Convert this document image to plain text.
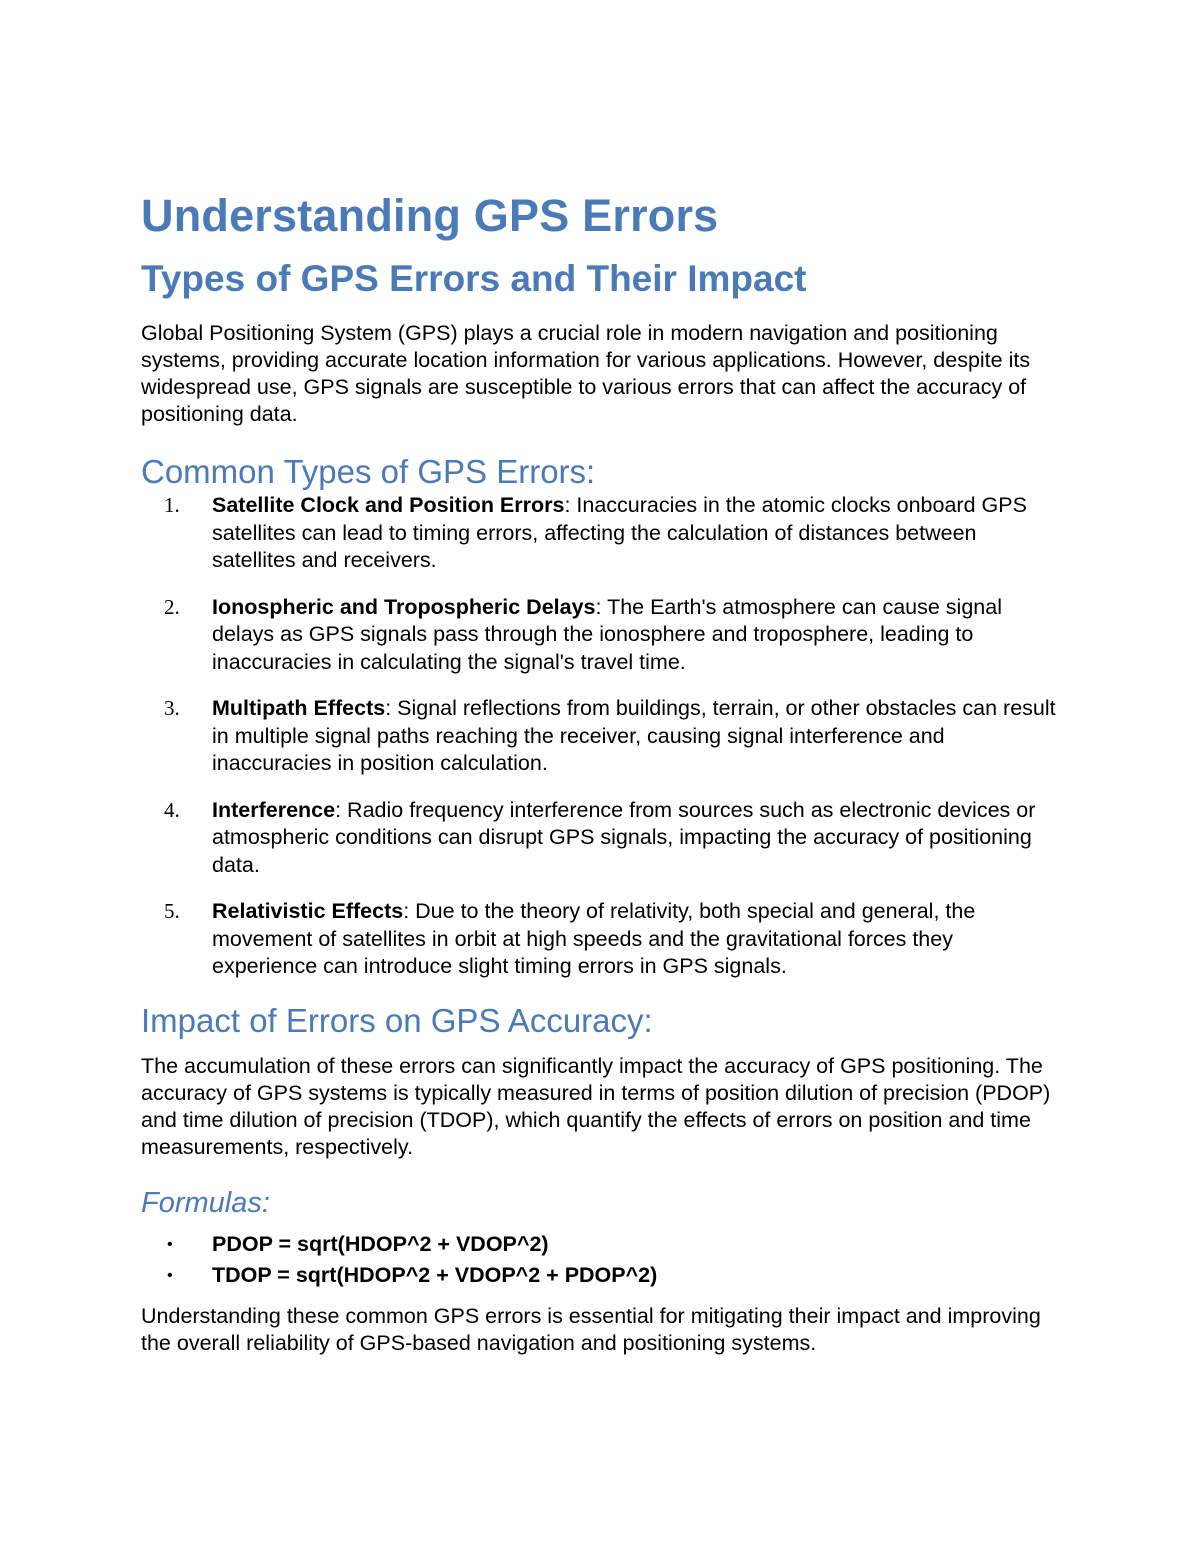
Understanding GPS Errors
Types of GPS Errors and Their Impact

Global Positioning System (GPS) plays a crucial role in modern navigation and positioning systems, providing accurate location information for various applications. However, despite its widespread use, GPS signals are susceptible to various errors that can affect the accuracy of positioning data.

Common Types of GPS Errors:
1. Satellite Clock and Position Errors: Inaccuracies in the atomic clocks onboard GPS satellites can lead to timing errors, affecting the calculation of distances between satellites and receivers.
2. Ionospheric and Tropospheric Delays: The Earth's atmosphere can cause signal delays as GPS signals pass through the ionosphere and troposphere, leading to inaccuracies in calculating the signal's travel time.
3. Multipath Effects: Signal reflections from buildings, terrain, or other obstacles can result in multiple signal paths reaching the receiver, causing signal interference and inaccuracies in position calculation.
4. Interference: Radio frequency interference from sources such as electronic devices or atmospheric conditions can disrupt GPS signals, impacting the accuracy of positioning data.
5. Relativistic Effects: Due to the theory of relativity, both special and general, the movement of satellites in orbit at high speeds and the gravitational forces they experience can introduce slight timing errors in GPS signals.
Impact of Errors on GPS Accuracy:

The accumulation of these errors can significantly impact the accuracy of GPS positioning. The accuracy of GPS systems is typically measured in terms of position dilution of precision (PDOP) and time dilution of precision (TDOP), which quantify the effects of errors on position and time measurements, respectively.

Formulas:
• PDOP = sqrt(HDOP^2 + VDOP^2)
• TDOP = sqrt(HDOP^2 + VDOP^2 + PDOP^2)

Understanding these common GPS errors is essential for mitigating their impact and improving the overall reliability of GPS-based navigation and positioning systems.
